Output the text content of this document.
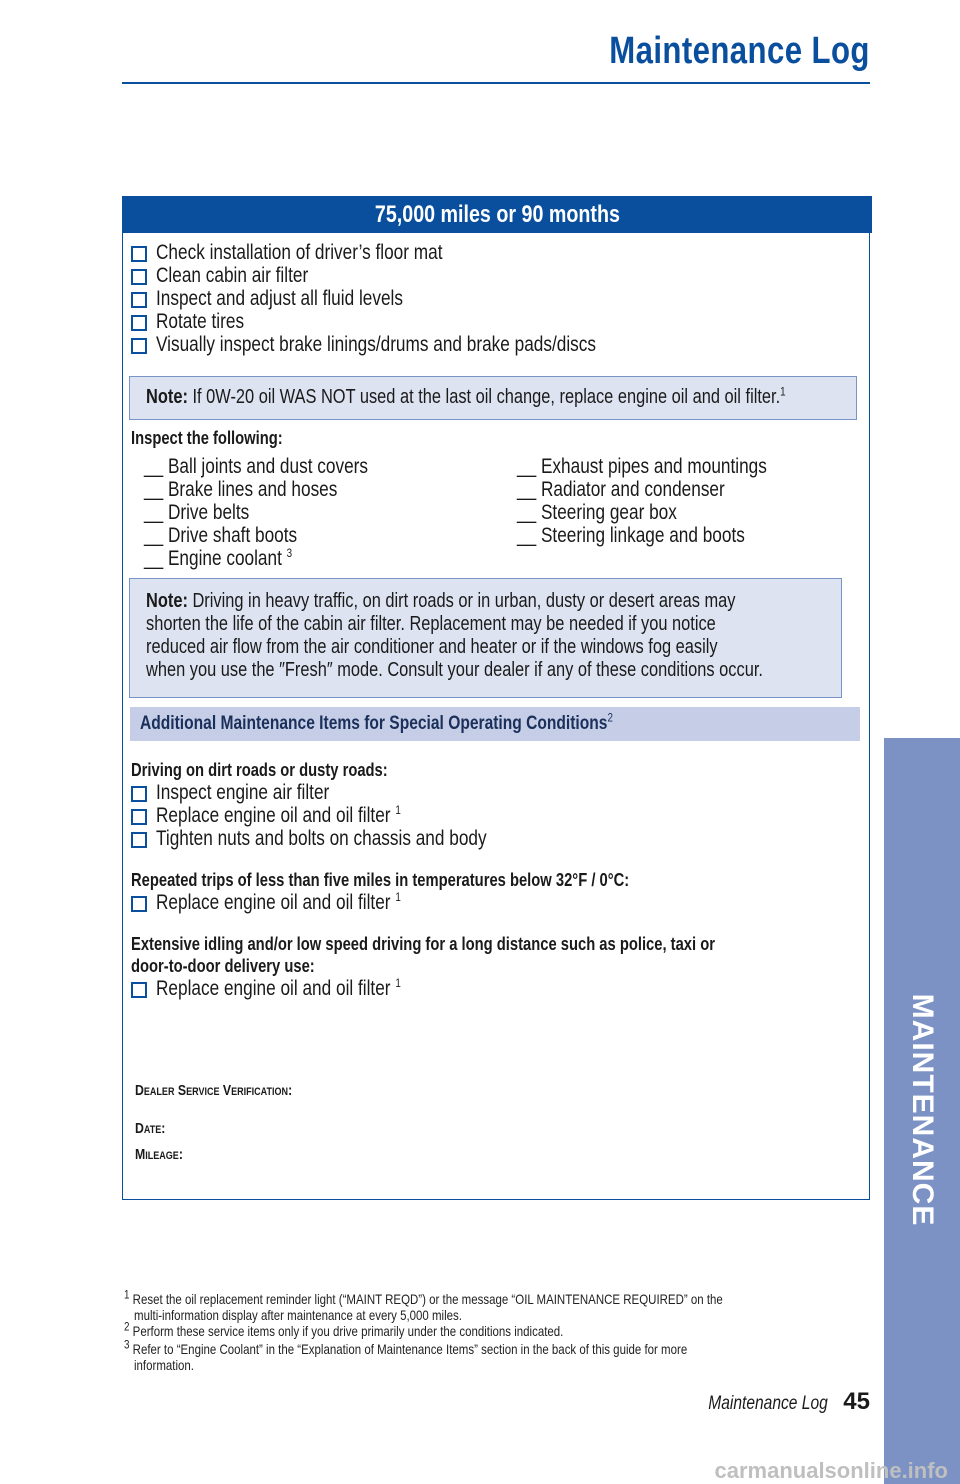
Maintenance Log
75,000 miles or 90 months
Check installation of driver’s floor mat
Clean cabin air filter
Inspect and adjust all fluid levels
Rotate tires
Visually inspect brake linings/drums and brake pads/discs
Note: If 0W-20 oil WAS NOT used at the last oil change, replace engine oil and oil filter.$^1$
Inspect the following:
__ Ball joints and dust covers
__ Brake lines and hoses
__ Drive belts
__ Drive shaft boots
__ Engine coolant $^3$
__ Exhaust pipes and mountings
__ Radiator and condenser
__ Steering gear box
__ Steering linkage and boots
Note: Driving in heavy traffic, on dirt roads or in urban, dusty or desert areas may
shorten the life of the cabin air filter. Replacement may be needed if you notice
reduced air flow from the air conditioner and heater or if the windows fog easily
when you use the ″Fresh″ mode. Consult your dealer if any of these conditions occur.
Additional Maintenance Items for Special Operating Conditions$^2$
Driving on dirt roads or dusty roads:
Inspect engine air filter
Replace engine oil and oil filter $^1$
Tighten nuts and bolts on chassis and body
Repeated trips of less than five miles in temperatures below 32°F / 0°C:
Replace engine oil and oil filter $^1$
Extensive idling and/or low speed driving for a long distance such as police, taxi or
door-to-door delivery use:
Replace engine oil and oil filter $^1$
Dealer Service Verification:
Date:
Mileage:
$^1$ Reset the oil replacement reminder light (“MAINT REQD”) or the message “OIL MAINTENANCE REQUIRED” on the
multi-information display after maintenance at every 5,000 miles.
$^2$ Perform these service items only if you drive primarily under the conditions indicated.
$^3$ Refer to “Engine Coolant” in the “Explanation of Maintenance Items” section in the back of this guide for more
information.
MAINTENANCE
Maintenance Log 45
carmanualsonline.info
